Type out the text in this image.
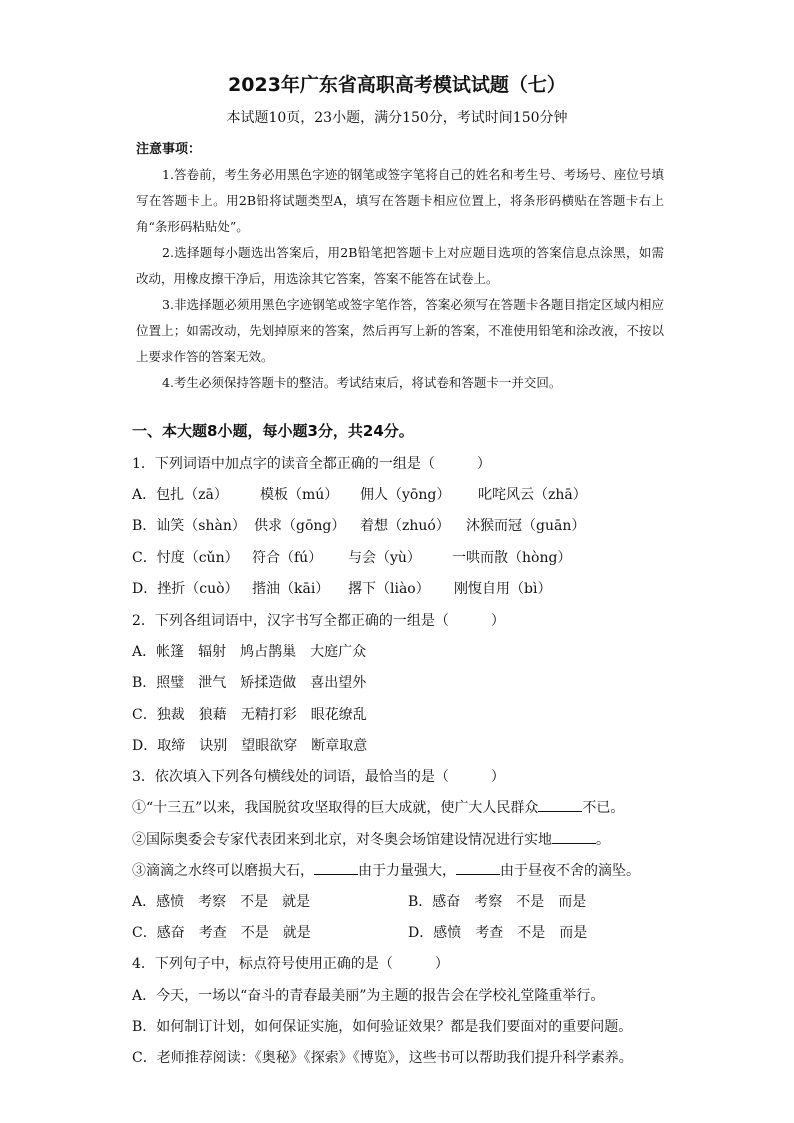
2023年广东省高职高考模试试题（七）
本试题10页，23小题，满分150分，考试时间150分钟
注意事项：

1.答卷前，考生务必用黑色字迹的钢笔或签字笔将自己的姓名和考生号、考场号、座位号填写在答题卡上。用2B铅将试题类型A，填写在答题卡相应位置上，将条形码横贴在答题卡右上角“条形码粘贴处”。

2.选择题每小题选出答案后，用2B铅笔把答题卡上对应题目选项的答案信息点涂黑，如需改动，用橡皮擦干净后，用选涂其它答案，答案不能答在试卷上。

3.非选择题必须用黑色字迹钢笔或签字笔作答，答案必须写在答题卡各题目指定区域内相应位置上；如需改动，先划掉原来的答案，然后再写上新的答案，不准使用铅笔和涂改液，不按以上要求作答的答案无效。

4.考生必须保持答题卡的整洁。考试结束后，将试卷和答题卡一并交回。

一、本大题8小题，每小题3分，共24分。
1．下列词语中加点字的读音全都正确的一组是（　　　）
A．包扎（zā）	模板（mú）	佣人（yōng）	叱咤风云（zhā）
B．讪笑（shàn） 供求（gōng）	着想（zhuó）	沐猴而冠（guān）
C．忖度（cǔn） 符合（fú）	与会（yù）	一哄而散（hòng）
D．挫折（cuò） 揩油（kāi）	撂下（liào）	刚愎自用（bì）
2．下列各组词语中，汉字书写全都正确的一组是（　　　）
A．帐篷　辐射　鸠占鹊巢　大庭广众
B．照璧　泄气　矫揉造做　喜出望外
C．独裁　狼藉　无精打彩　眼花缭乱
D．取缔　诀别　望眼欲穿　断章取意
3．依次填入下列各句横线处的词语，最恰当的是（　　　）
①“十三五”以来，我国脱贫攻坚取得的巨大成就，使广大人民群众	不已。
②国际奥委会专家代表团来到北京，对冬奥会场馆建设情况进行实地	。
③滴滴之水终可以磨损大石，	由于力量强大，	由于昼夜不舍的滴坠。
A．感愤　考察　不是　就是	B．感奋　考察　不是　而是
C．感奋　考查　不是　就是	D．感愤　考查　不是　而是
4．下列句子中，标点符号使用正确的是（　　　）
A．今天，一场以“奋斗的青春最美丽”为主题的报告会在学校礼堂隆重举行。
B．如何制订计划，如何保证实施，如何验证效果？都是我们要面对的重要问题。
C．老师推荐阅读：《奥秘》《探索》《博览》，这些书可以帮助我们提升科学素养。
